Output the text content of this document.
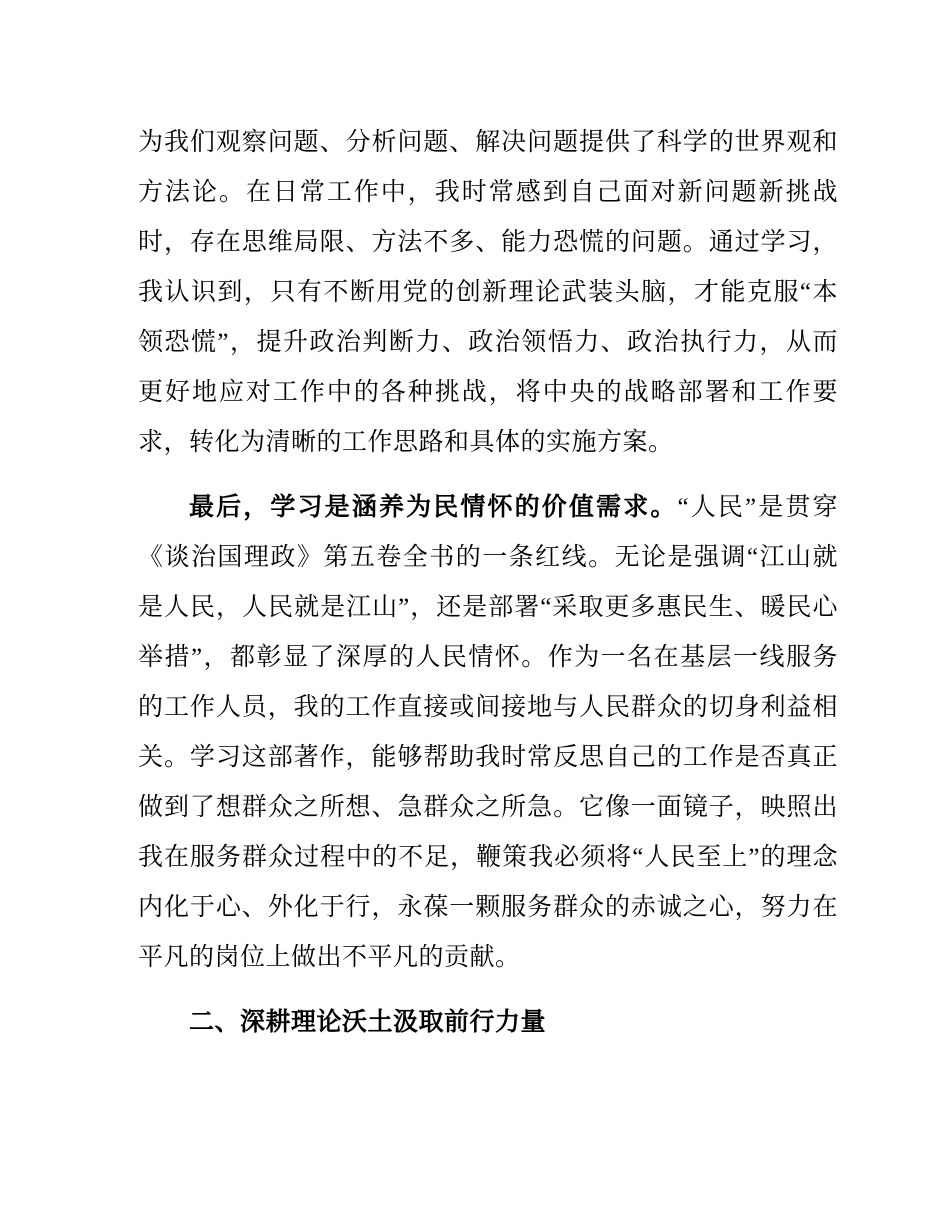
为我们观察问题、分析问题、解决问题提供了科学的世界观和方法论。在日常工作中，我时常感到自己面对新问题新挑战时，存在思维局限、方法不多、能力恐慌的问题。通过学习，我认识到，只有不断用党的创新理论武装头脑，才能克服“本领恐慌”，提升政治判断力、政治领悟力、政治执行力，从而更好地应对工作中的各种挑战，将中央的战略部署和工作要求，转化为清晰的工作思路和具体的实施方案。

最后，学习是涵养为民情怀的价值需求。“人民”是贯穿《谈治国理政》第五卷全书的一条红线。无论是强调“江山就是人民，人民就是江山”，还是部署“采取更多惠民生、暖民心举措”，都彰显了深厚的人民情怀。作为一名在基层一线服务的工作人员，我的工作直接或间接地与人民群众的切身利益相关。学习这部著作，能够帮助我时常反思自己的工作是否真正做到了想群众之所想、急群众之所急。它像一面镜子，映照出我在服务群众过程中的不足，鞭策我必须将“人民至上”的理念内化于心、外化于行，永葆一颗服务群众的赤诚之心，努力在平凡的岗位上做出不平凡的贡献。

二、深耕理论沃土汲取前行力量
